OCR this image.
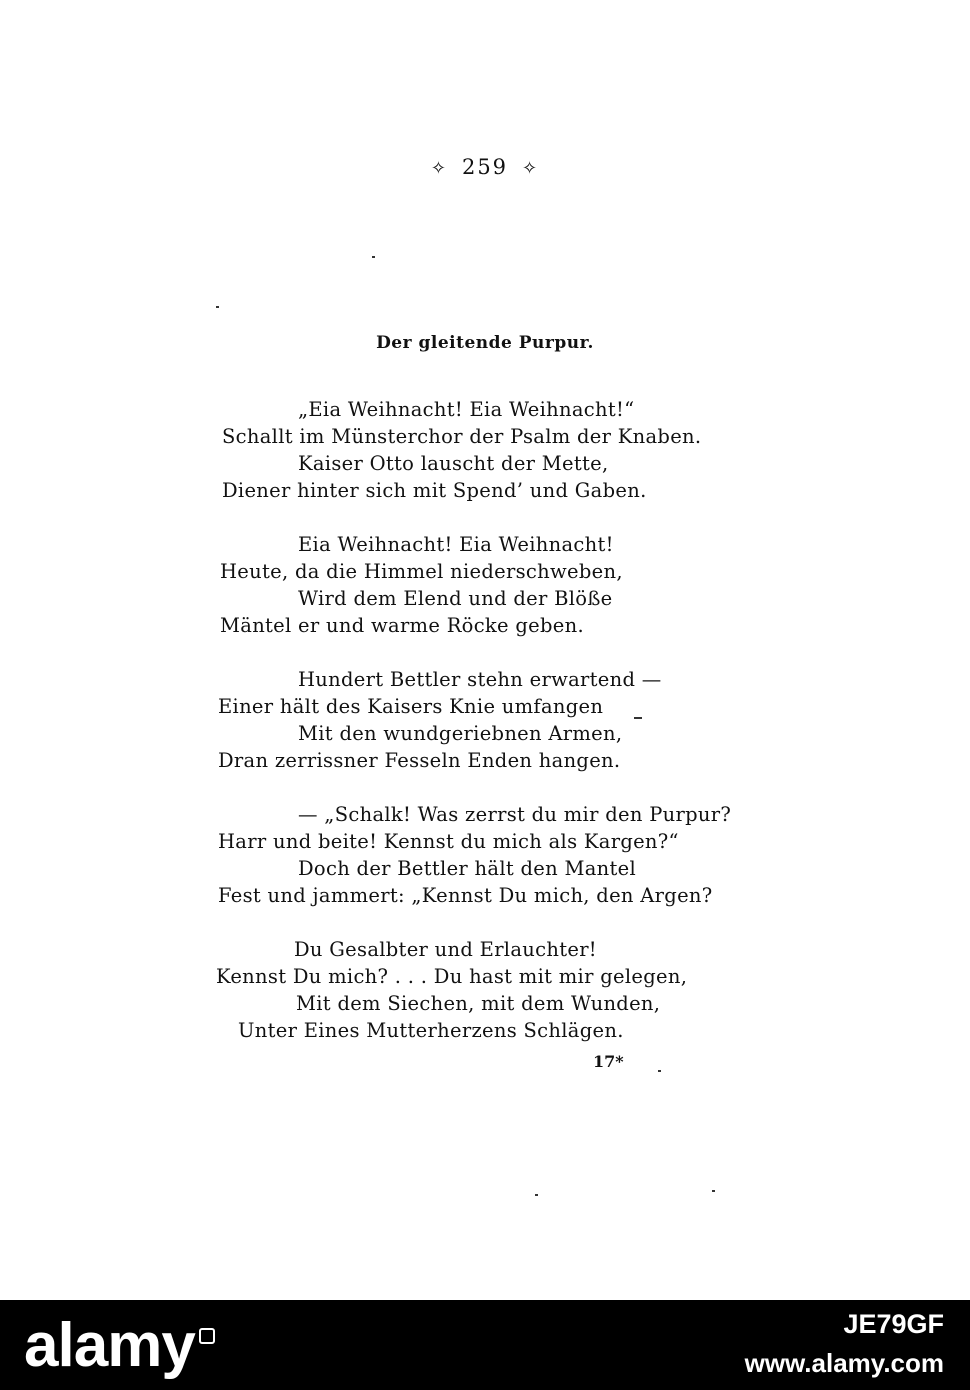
✧ 259 ✧
Der gleitende Purpur.
„Eia Weihnacht! Eia Weihnacht!“
Schallt im Münsterchor der Psalm der Knaben.
Kaiser Otto lauscht der Mette,
Diener hinter sich mit Spend’ und Gaben.
Eia Weihnacht! Eia Weihnacht!
Heute, da die Himmel niederschweben,
Wird dem Elend und der Blöße
Mäntel er und warme Röcke geben.
Hundert Bettler stehn erwartend —
Einer hält des Kaisers Knie umfangen
Mit den wundgeriebnen Armen,
Dran zerrissner Fesseln Enden hangen.
— „Schalk! Was zerrst du mir den Purpur?
Harr und beite! Kennst du mich als Kargen?“
Doch der Bettler hält den Mantel
Fest und jammert: „Kennst Du mich, den Argen?
Du Gesalbter und Erlauchter!
Kennst Du mich? . . . Du hast mit mir gelegen,
Mit dem Siechen, mit dem Wunden,
Unter Eines Mutterherzens Schlägen.
17*
alamy	JE79GF
www.alamy.com
